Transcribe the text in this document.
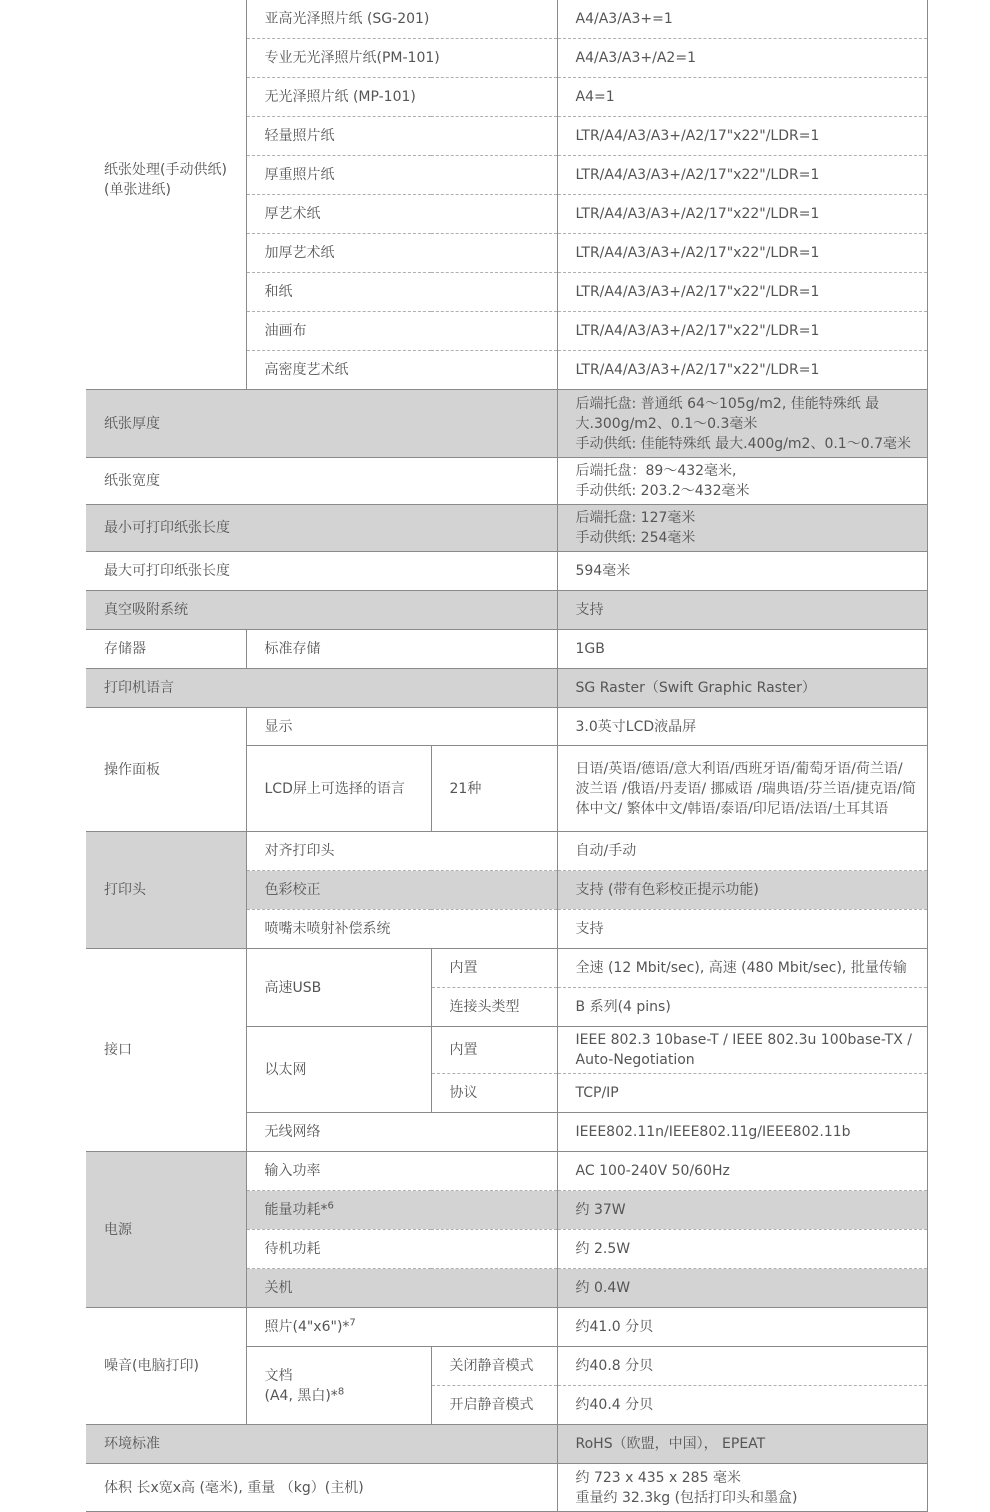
纸张处理(手动供纸)
(单张进纸)	亚高光泽照片纸 (SG-201)		A4/A3/A3+=1
	专业无光泽照片纸(PM-101)		A4/A3/A3+/A2=1
	无光泽照片纸 (MP-101)		A4=1
	轻量照片纸		LTR/A4/A3/A3+/A2/17"x22"/LDR=1
	厚重照片纸		LTR/A4/A3/A3+/A2/17"x22"/LDR=1
	厚艺术纸		LTR/A4/A3/A3+/A2/17"x22"/LDR=1
	加厚艺术纸		LTR/A4/A3/A3+/A2/17"x22"/LDR=1
	和纸		LTR/A4/A3/A3+/A2/17"x22"/LDR=1
	油画布		LTR/A4/A3/A3+/A2/17"x22"/LDR=1
	高密度艺术纸		LTR/A4/A3/A3+/A2/17"x22"/LDR=1
纸张厚度			后端托盘: 普通纸 64～105g/m2, 佳能特殊纸 最大.300g/m2、0.1～0.3毫米
手动供纸: 佳能特殊纸 最大.400g/m2、0.1～0.7毫米
纸张宽度			后端托盘：89～432毫米,
手动供纸: 203.2～432毫米
最小可打印纸张长度			后端托盘: 127毫米
手动供纸: 254毫米
最大可打印纸张长度			594毫米
真空吸附系统			支持
存储器	标准存储		1GB
打印机语言			SG Raster（Swift Graphic Raster）
操作面板	显示		3.0英寸LCD液晶屏
	LCD屏上可选择的语言	21种	日语/英语/德语/意大利语/西班牙语/葡萄牙语/荷兰语/ 波兰语 /俄语/丹麦语/ 挪威语 /瑞典语/芬兰语/捷克语/简体中文/ 繁体中文/韩语/泰语/印尼语/法语/土耳其语
打印头	对齐打印头		自动/手动
	色彩校正		支持 (带有色彩校正提示功能)
	喷嘴未喷射补偿系统		支持
接口	高速USB	内置	全速 (12 Mbit/sec), 高速 (480 Mbit/sec), 批量传输
		连接头类型	B 系列(4 pins)
	以太网	内置	IEEE 802.3 10base-T / IEEE 802.3u 100base-TX / Auto-Negotiation
		协议	TCP/IP
	无线网络		IEEE802.11n/IEEE802.11g/IEEE802.11b
电源	输入功率		AC 100-240V 50/60Hz
	能量功耗*$^6$		约 37W
	待机功耗		约 2.5W
	关机		约 0.4W
噪音(电脑打印)	照片(4"x6")*$^7$		约41.0 分贝
	文档
(A4, 黑白)*$^8$	关闭静音模式	约40.8 分贝
		开启静音模式	约40.4 分贝
环境标准			RoHS（欧盟，中国）， EPEAT
体积 长x宽x高 (毫米), 重量 （kg）(主机)			约 723 x 435 x 285 毫米
重量约 32.3kg (包括打印头和墨盒)
